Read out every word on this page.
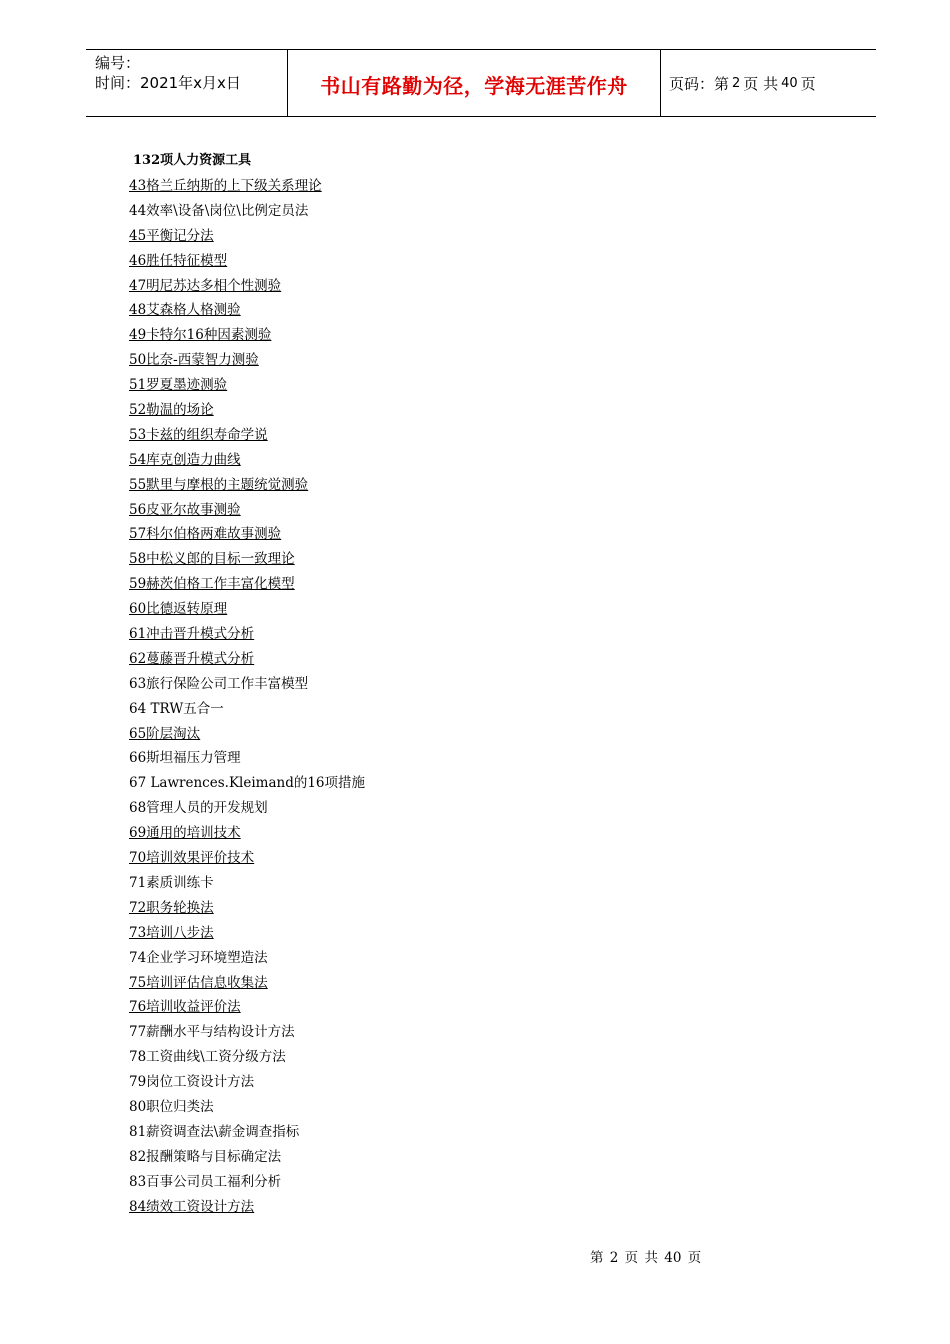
编号：
时间：2021年x月x日	书山有路勤为径，学海无涯苦作舟	页码：第 2 页 共 40 页
132项人力资源工具
43格兰丘纳斯的上下级关系理论
44效率\设备\岗位\比例定员法
45平衡记分法
46胜任特征模型
47明尼苏达多相个性测验
48艾森格人格测验
49卡特尔16种因素测验
50比奈-西蒙智力测验
51罗夏墨迹测验
52勒温的场论
53卡兹的组织寿命学说
54库克创造力曲线
55默里与摩根的主题统觉测验
56皮亚尔故事测验
57科尔伯格两难故事测验
58中松义郎的目标一致理论
59赫茨伯格工作丰富化模型
60比德返转原理
61冲击晋升模式分析
62蔓藤晋升模式分析
63旅行保险公司工作丰富模型
64 TRW五合一
65阶层淘汰
66斯坦福压力管理
67 Lawrences.Kleimand的16项措施
68管理人员的开发规划
69通用的培训技术
70培训效果评价技术
71素质训练卡
72职务轮换法
73培训八步法
74企业学习环境塑造法
75培训评估信息收集法
76培训收益评价法
77薪酬水平与结构设计方法
78工资曲线\工资分级方法
79岗位工资设计方法
80职位归类法
81薪资调查法\薪金调查指标
82报酬策略与目标确定法
83百事公司员工福利分析
84绩效工资设计方法
第 2 页 共 40 页
